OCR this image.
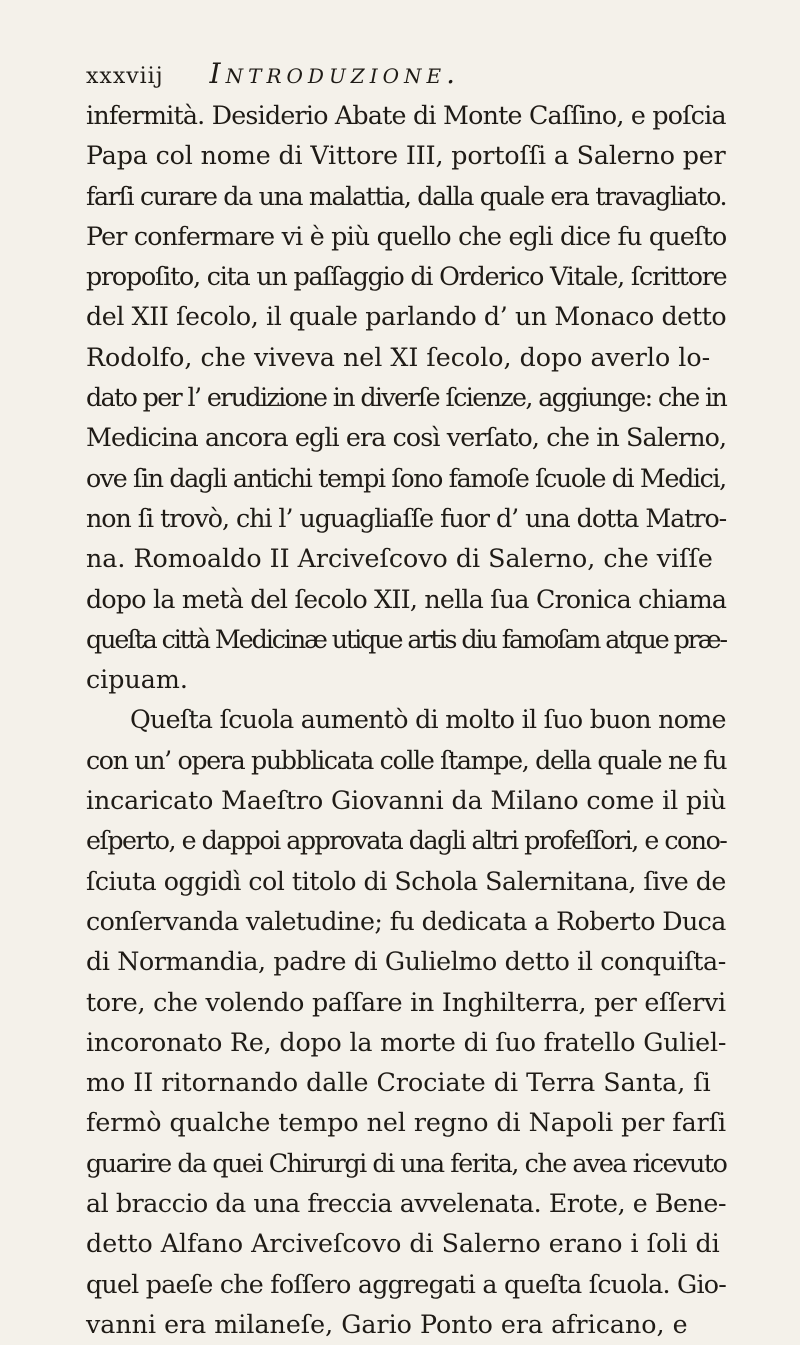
xxxviij Introduzione.
infermità. Desiderio Abate di Monte Caſſino, e poſcia
Papa col nome di Vittore III, portoſſi a Salerno per
farſi curare da una malattia, dalla quale era travagliato.
Per confermare vi è più quello che egli dice fu queſto
propoſito, cita un paſſaggio di Orderico Vitale, ſcrittore
del XII ſecolo, il quale parlando d’ un Monaco detto
Rodolfo, che viveva nel XI ſecolo, dopo averlo lo-
dato per l’ erudizione in diverſe ſcienze, aggiunge: che in
Medicina ancora egli era così verſato, che in Salerno,
ove ſin dagli antichi tempi ſono famoſe ſcuole di Medici,
non ſi trovò, chi l’ uguagliaſſe fuor d’ una dotta Matro-
na. Romoaldo II Arciveſcovo di Salerno, che viſſe
dopo la metà del ſecolo XII, nella ſua Cronica chiama
queſta città Medicinæ utique artis diu famoſam atque præ-
cipuam.
Queſta ſcuola aumentò di molto il ſuo buon nome
con un’ opera pubblicata colle ſtampe, della quale ne fu
incaricato Maeſtro Giovanni da Milano come il più
eſperto, e dappoi approvata dagli altri profeſſori, e cono-
ſciuta oggidì col titolo di Schola Salernitana, ſive de
conſervanda valetudine; fu dedicata a Roberto Duca
di Normandia, padre di Gulielmo detto il conquiſta-
tore, che volendo paſſare in Inghilterra, per eſſervi
incoronato Re, dopo la morte di ſuo fratello Guliel-
mo II ritornando dalle Crociate di Terra Santa, ſi
fermò qualche tempo nel regno di Napoli per farſi
guarire da quei Chirurgi di una ferita, che avea ricevuto
al braccio da una freccia avvelenata. Erote, e Bene-
detto Alfano Arciveſcovo di Salerno erano i ſoli di
quel paeſe che foſſero aggregati a queſta ſcuola. Gio-
vanni era milaneſe, Gario Ponto era africano, e
